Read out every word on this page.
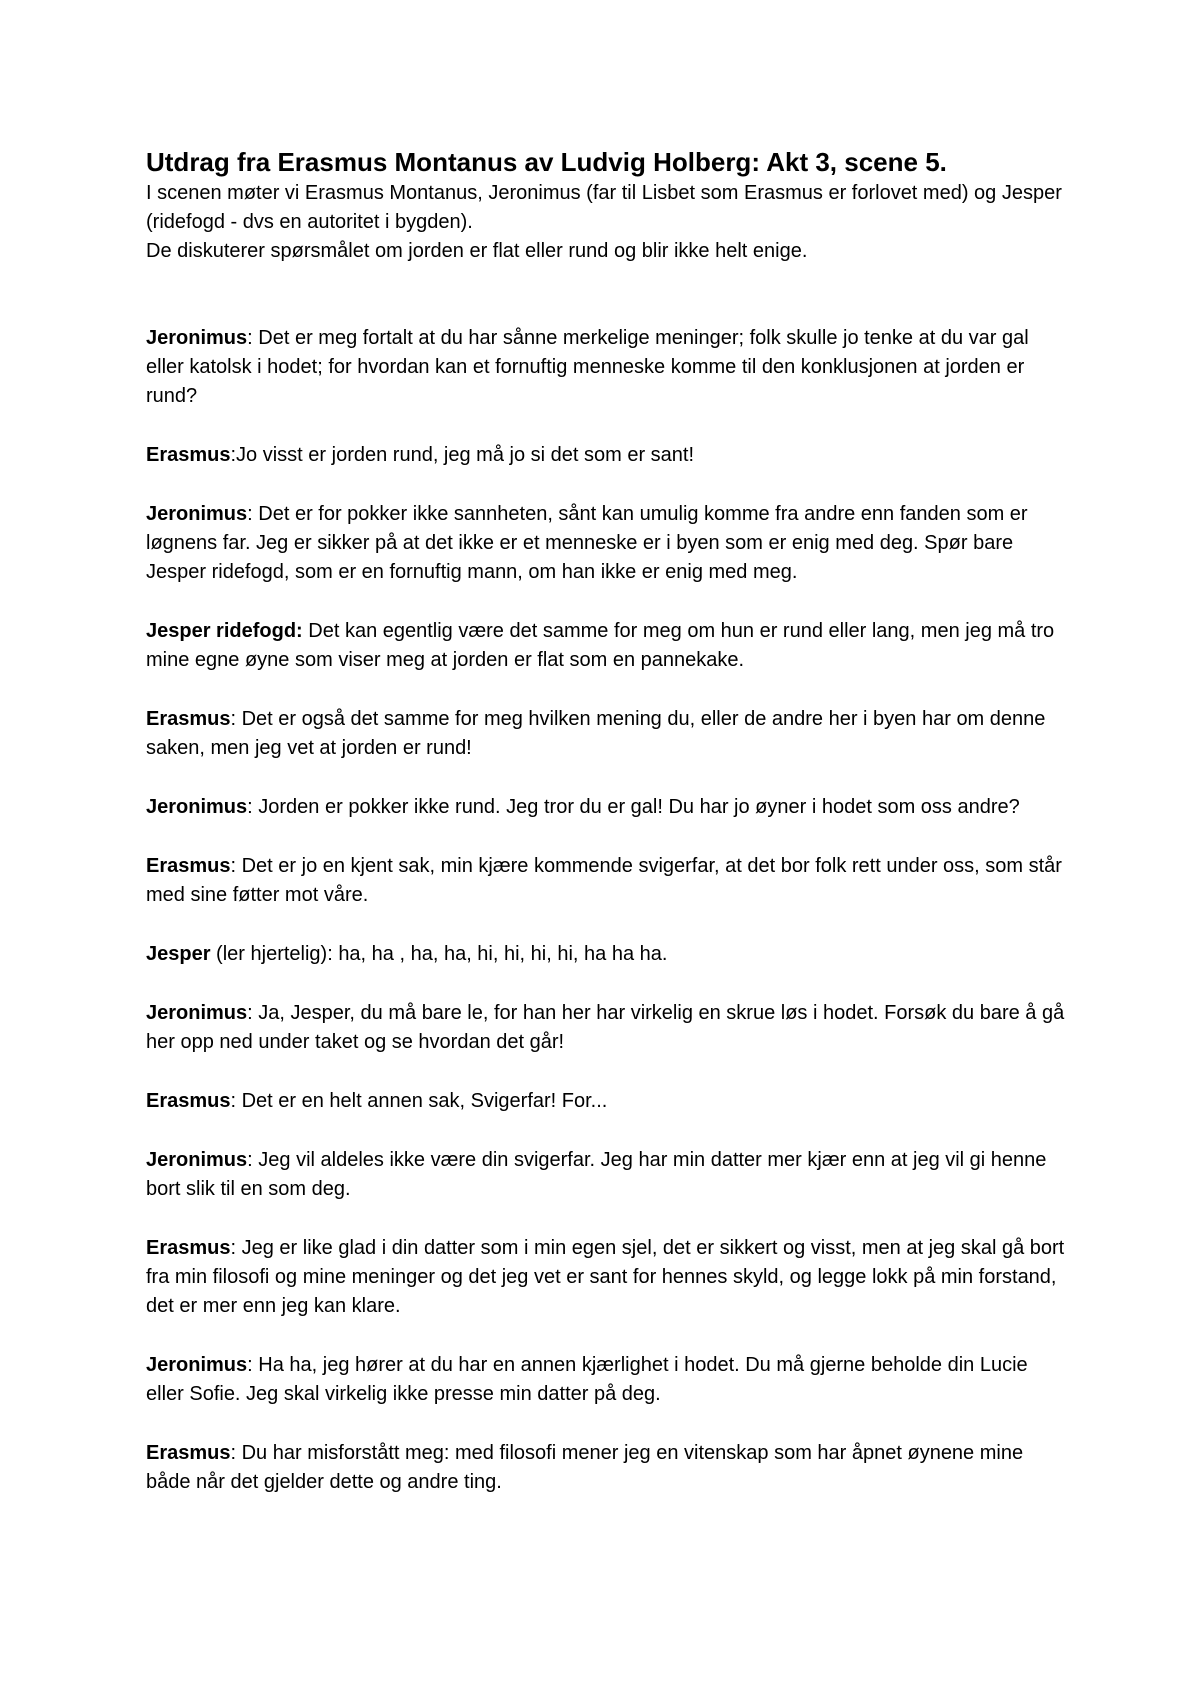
Utdrag fra Erasmus Montanus av Ludvig Holberg: Akt 3, scene 5.

I scenen møter vi Erasmus Montanus, Jeronimus (far til Lisbet som Erasmus er forlovet med) og Jesper (ridefogd - dvs en autoritet i bygden).

De diskuterer spørsmålet om jorden er flat eller rund og blir ikke helt enige.

Jeronimus: Det er meg fortalt at du har sånne merkelige meninger; folk skulle jo tenke at du var gal eller katolsk i hodet; for hvordan kan et fornuftig menneske komme til den konklusjonen at jorden er rund?

Erasmus:Jo visst er jorden rund, jeg må jo si det som er sant!

Jeronimus: Det er for pokker ikke sannheten, sånt kan umulig komme fra andre enn fanden som er løgnens far. Jeg er sikker på at det ikke er et menneske er i byen som er enig med deg. Spør bare Jesper ridefogd, som er en fornuftig mann, om han ikke er enig med meg.

Jesper ridefogd: Det kan egentlig være det samme for meg om hun er rund eller lang, men jeg må tro mine egne øyne som viser meg at jorden er flat som en pannekake.

Erasmus: Det er også det samme for meg hvilken mening du, eller de andre her i byen har om denne saken, men jeg vet at jorden er rund!

Jeronimus: Jorden er pokker ikke rund. Jeg tror du er gal! Du har jo øyner i hodet som oss andre?

Erasmus: Det er jo en kjent sak, min kjære kommende svigerfar, at det bor folk rett under oss, som står med sine føtter mot våre.

Jesper (ler hjertelig): ha, ha , ha, ha, hi, hi, hi, hi, ha ha ha.

Jeronimus: Ja, Jesper, du må bare le, for han her har virkelig en skrue løs i hodet. Forsøk du bare å gå her opp ned under taket og se hvordan det går!

Erasmus: Det er en helt annen sak, Svigerfar! For...

Jeronimus: Jeg vil aldeles ikke være din svigerfar. Jeg har min datter mer kjær enn at jeg vil gi henne bort slik til en som deg.

Erasmus: Jeg er like glad i din datter som i min egen sjel, det er sikkert og visst, men at jeg skal gå bort fra min filosofi og mine meninger og det jeg vet er sant for hennes skyld, og legge lokk på min forstand, det er mer enn jeg kan klare.

Jeronimus: Ha ha, jeg hører at du har en annen kjærlighet i hodet. Du må gjerne beholde din Lucie eller Sofie. Jeg skal virkelig ikke presse min datter på deg.

Erasmus: Du har misforstått meg: med filosofi mener jeg en vitenskap som har åpnet øynene mine både når det gjelder dette og andre ting.
